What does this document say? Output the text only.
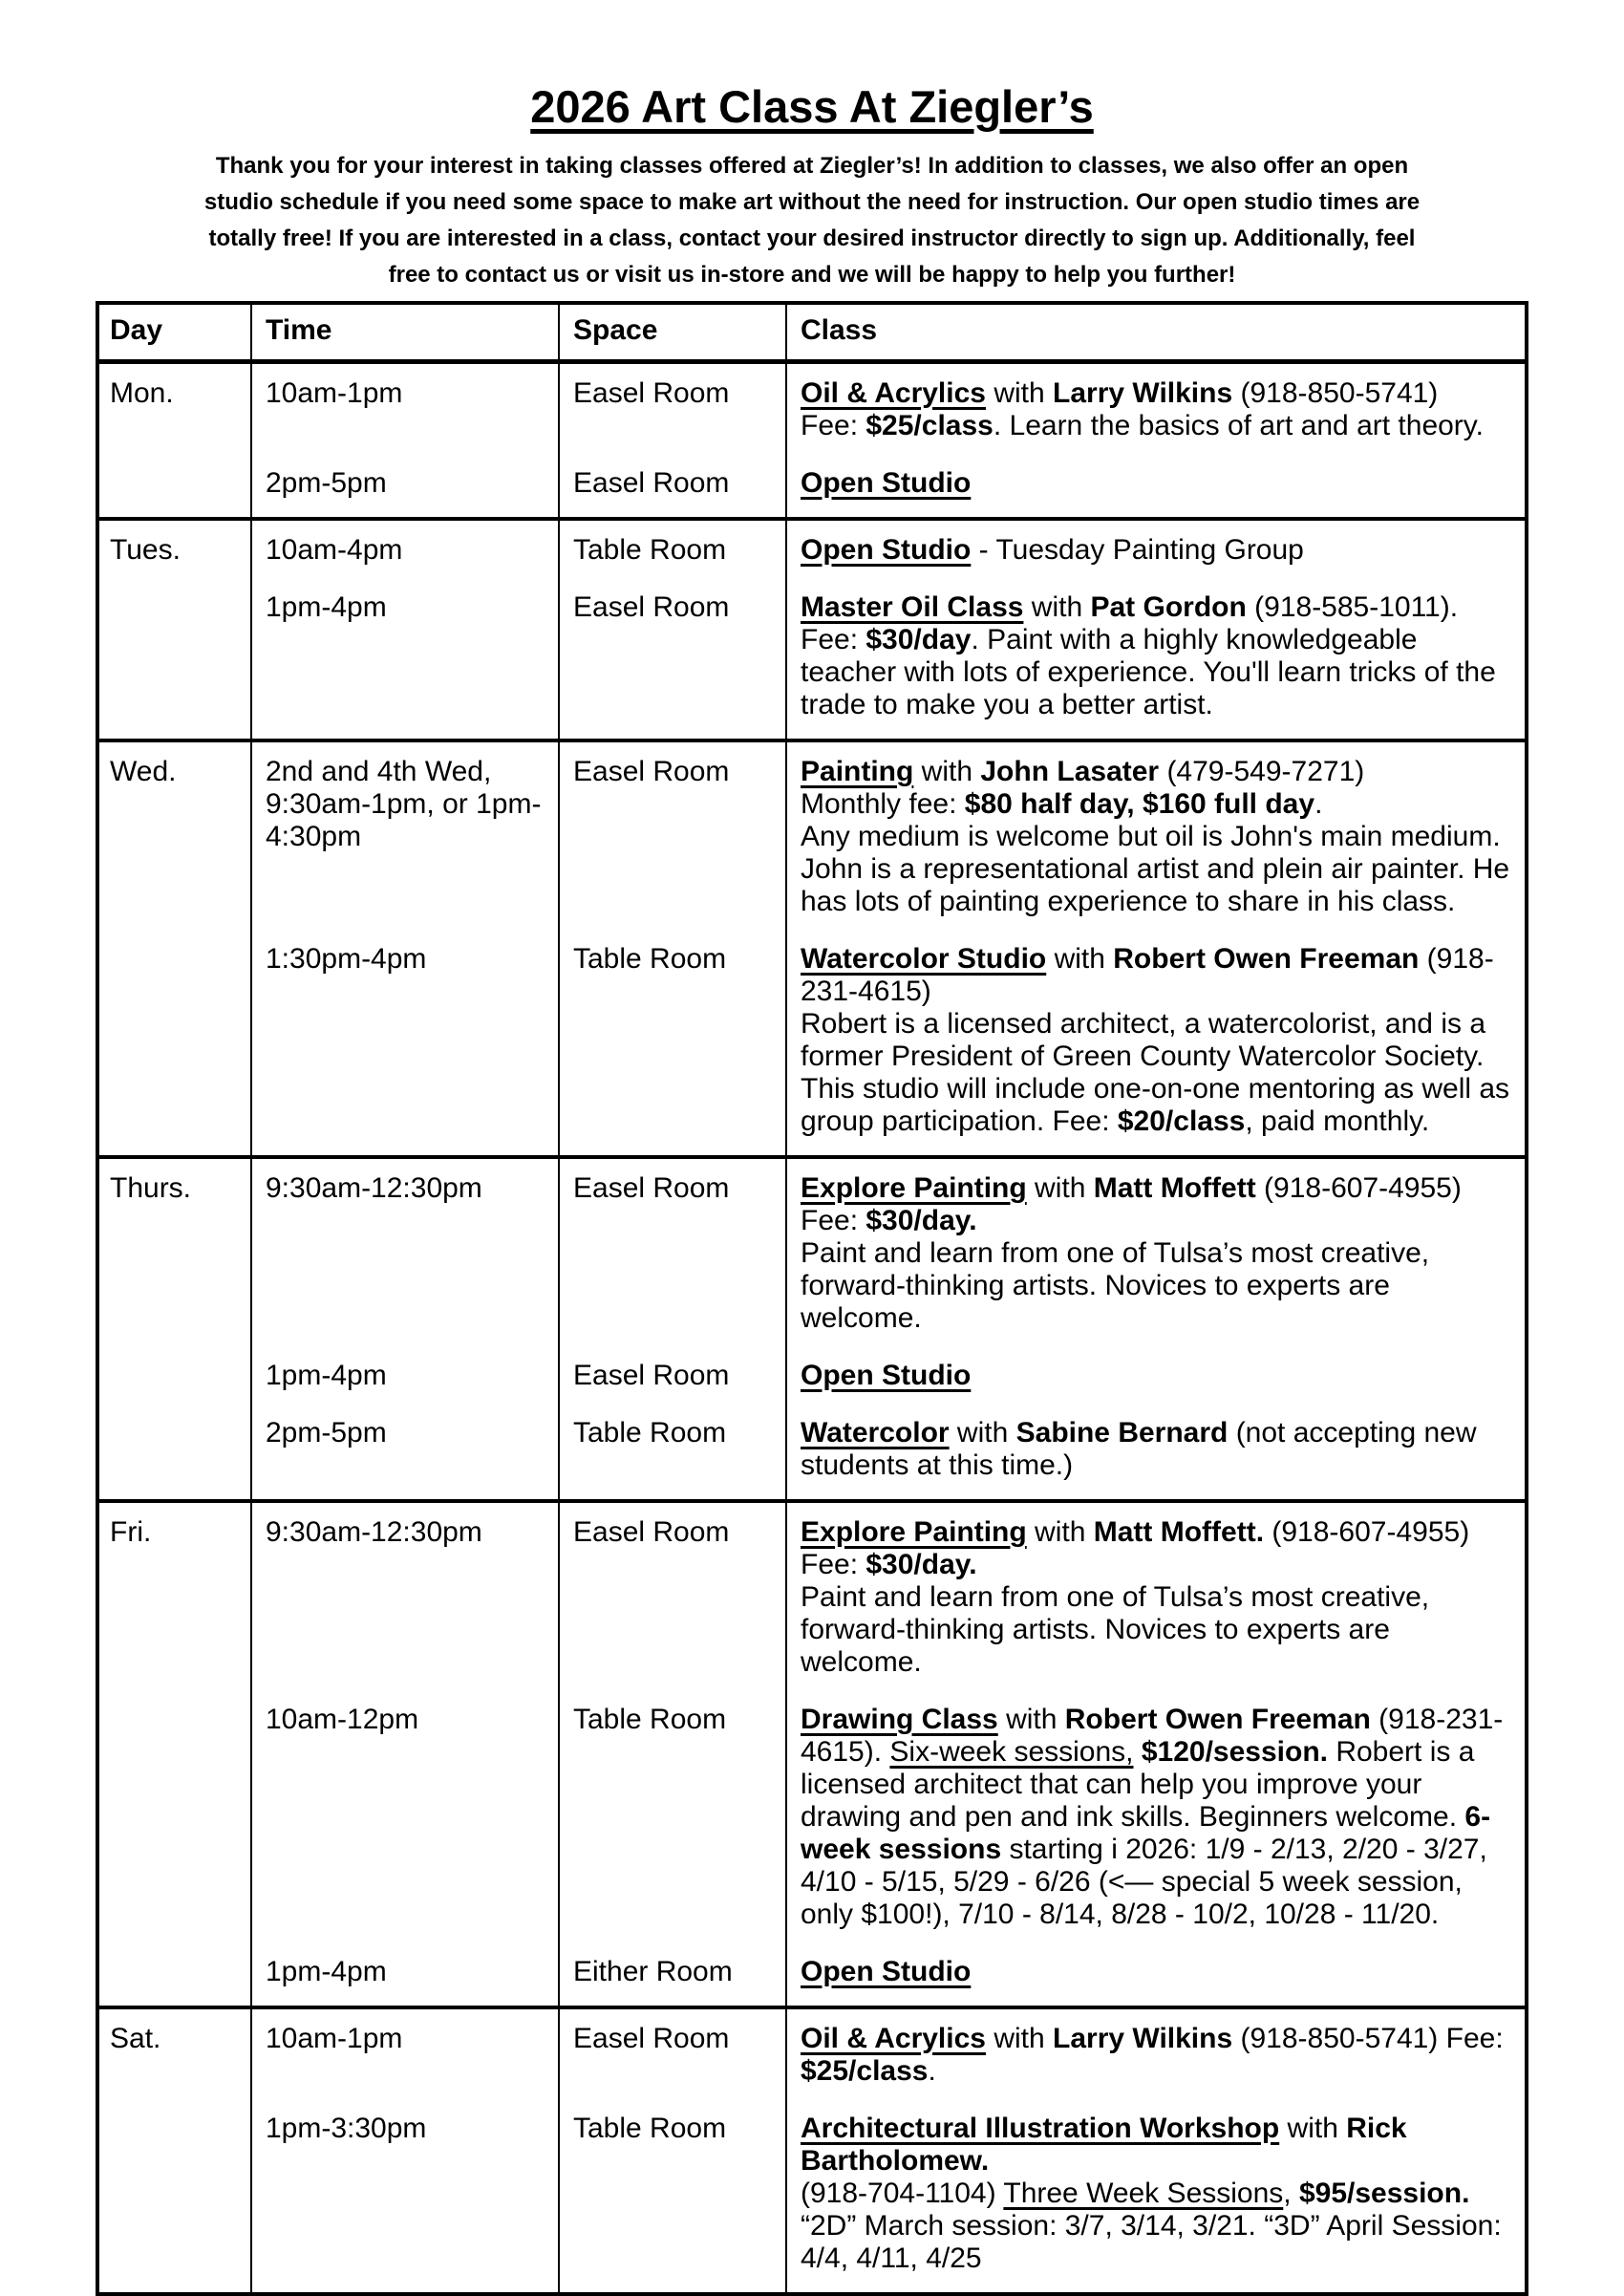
2026 Art Class At Ziegler’s
Thank you for your interest in taking classes offered at Ziegler’s! In addition to classes, we also offer an open
studio schedule if you need some space to make art without the need for instruction. Our open studio times are
totally free! If you are interested in a class, contact your desired instructor directly to sign up. Additionally, feel
free to contact us or visit us in-store and we will be happy to help you further!
Day	Time	Space	Class
Mon.	10am-1pm	Easel Room	Oil & Acrylics with Larry Wilkins (918-850-5741)
Fee: $25/class. Learn the basics of art and art theory.
	2pm-5pm	Easel Room	Open Studio
Tues.	10am-4pm	Table Room	Open Studio - Tuesday Painting Group
	1pm-4pm	Easel Room	Master Oil Class with Pat Gordon (918-585-1011).
Fee: $30/day. Paint with a highly knowledgeable teacher with lots of experience. You'll learn tricks of the trade to make you a better artist.
Wed.	2nd and 4th Wed, 9:30am-1pm, or 1pm-4:30pm	Easel Room	Painting with John Lasater (479-549-7271)
Monthly fee: $80 half day, $160 full day.
Any medium is welcome but oil is John's main medium. John is a representational artist and plein air painter. He has lots of painting experience to share in his class.
	1:30pm-4pm	Table Room	Watercolor Studio with Robert Owen Freeman (918-231-4615)
Robert is a licensed architect, a watercolorist, and is a former President of Green County Watercolor Society. This studio will include one-on-one mentoring as well as group participation. Fee: $20/class, paid monthly.
Thurs.	9:30am-12:30pm	Easel Room	Explore Painting with Matt Moffett (918-607-4955) Fee: $30/day.
Paint and learn from one of Tulsa’s most creative, forward-thinking artists. Novices to experts are welcome.
	1pm-4pm	Easel Room	Open Studio
	2pm-5pm	Table Room	Watercolor with Sabine Bernard (not accepting new students at this time.)
Fri.	9:30am-12:30pm	Easel Room	Explore Painting with Matt Moffett. (918-607-4955) Fee: $30/day.
Paint and learn from one of Tulsa’s most creative, forward-thinking artists. Novices to experts are welcome.
	10am-12pm	Table Room	Drawing Class with Robert Owen Freeman (918-231-4615). Six-week sessions, $120/session. Robert is a licensed architect that can help you improve your drawing and pen and ink skills. Beginners welcome. 6-week sessions starting i 2026: 1/9 - 2/13, 2/20 - 3/27, 4/10 - 5/15, 5/29 - 6/26 (<— special 5 week session, only $100!), 7/10 - 8/14, 8/28 - 10/2, 10/28 - 11/20.
	1pm-4pm	Either Room	Open Studio
Sat.	10am-1pm	Easel Room	Oil & Acrylics with Larry Wilkins (918-850-5741) Fee: $25/class.
	1pm-3:30pm	Table Room	Architectural Illustration Workshop with Rick Bartholomew.
(918-704-1104) Three Week Sessions, $95/session. “2D” March session: 3/7, 3/14, 3/21. “3D” April Session: 4/4, 4/11, 4/25
